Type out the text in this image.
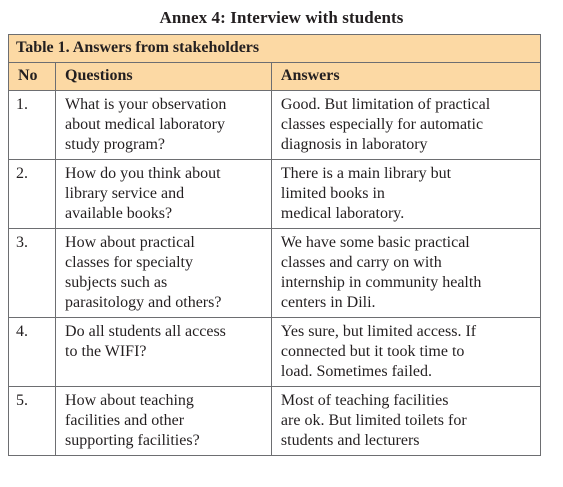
Annex 4: Interview with students
Table 1. Answers from stakeholders		
No	Questions	Answers
1.	What is your observation
about medical laboratory
study program?	Good. But limitation of practical
classes especially for automatic
diagnosis in laboratory
2.	How do you think about
library service and
available books?	There is a main library but
limited books in
medical laboratory.
3.	How about practical
classes for specialty
subjects such as
parasitology and others?	We have some basic practical
classes and carry on with
internship in community health
centers in Dili.
4.	Do all students all access
to the WIFI?	Yes sure, but limited access. If
connected but it took time to
load. Sometimes failed.
5.	How about teaching
facilities and other
supporting facilities?	Most of teaching facilities
are ok. But limited toilets for
students and lecturers
